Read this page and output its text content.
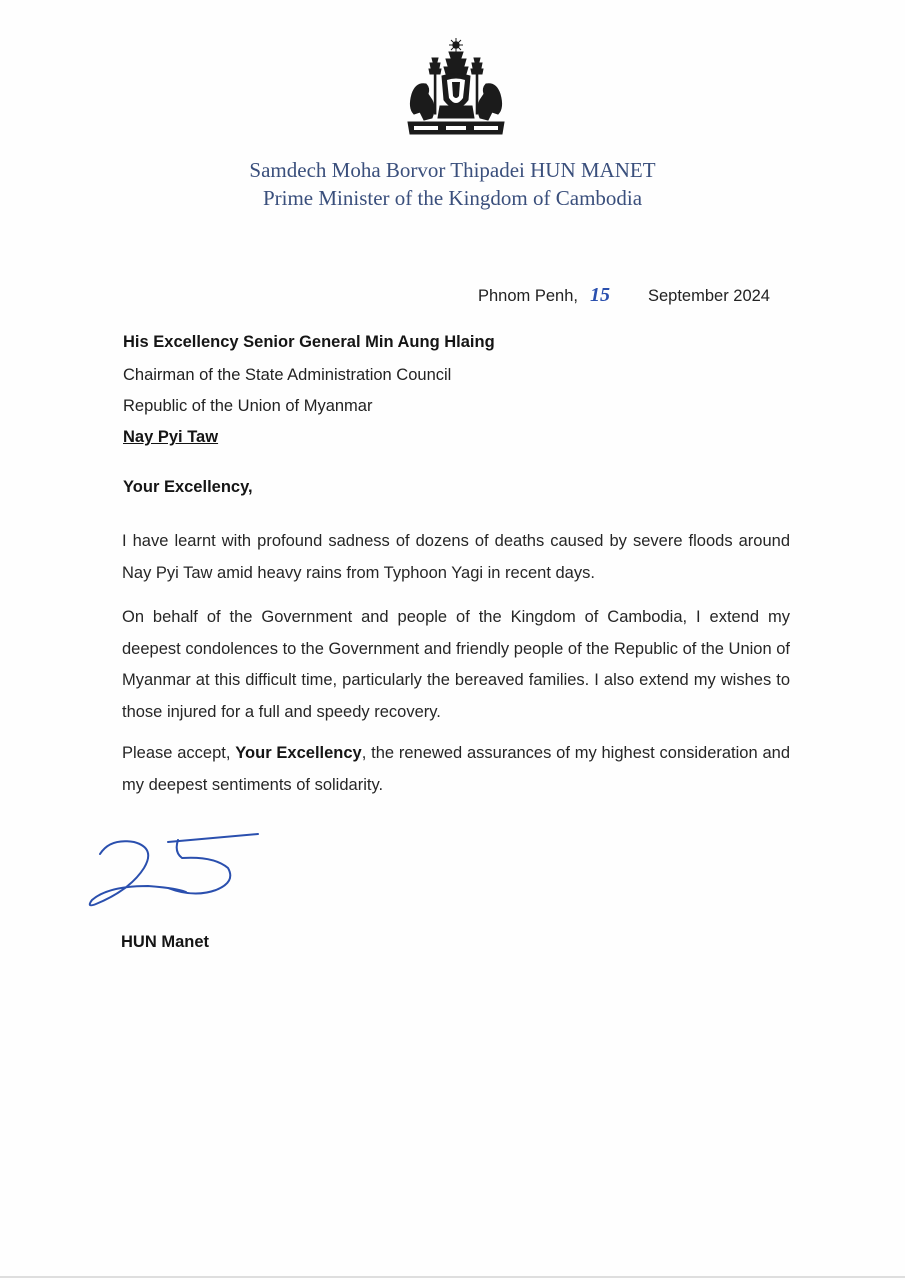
Samdech Moha Borvor Thipadei HUN MANET
Prime Minister of the Kingdom of Cambodia
Phnom Penh, 15 September 2024
His Excellency Senior General Min Aung Hlaing
Chairman of the State Administration Council
Republic of the Union of Myanmar
Nay Pyi Taw
Your Excellency,

I have learnt with profound sadness of dozens of deaths caused by severe floods around Nay Pyi Taw amid heavy rains from Typhoon Yagi in recent days.

On behalf of the Government and people of the Kingdom of Cambodia, I extend my deepest condolences to the Government and friendly people of the Republic of the Union of Myanmar at this difficult time, particularly the bereaved families. I also extend my wishes to those injured for a full and speedy recovery.

Please accept, Your Excellency, the renewed assurances of my highest consideration and my deepest sentiments of solidarity.

HUN Manet
